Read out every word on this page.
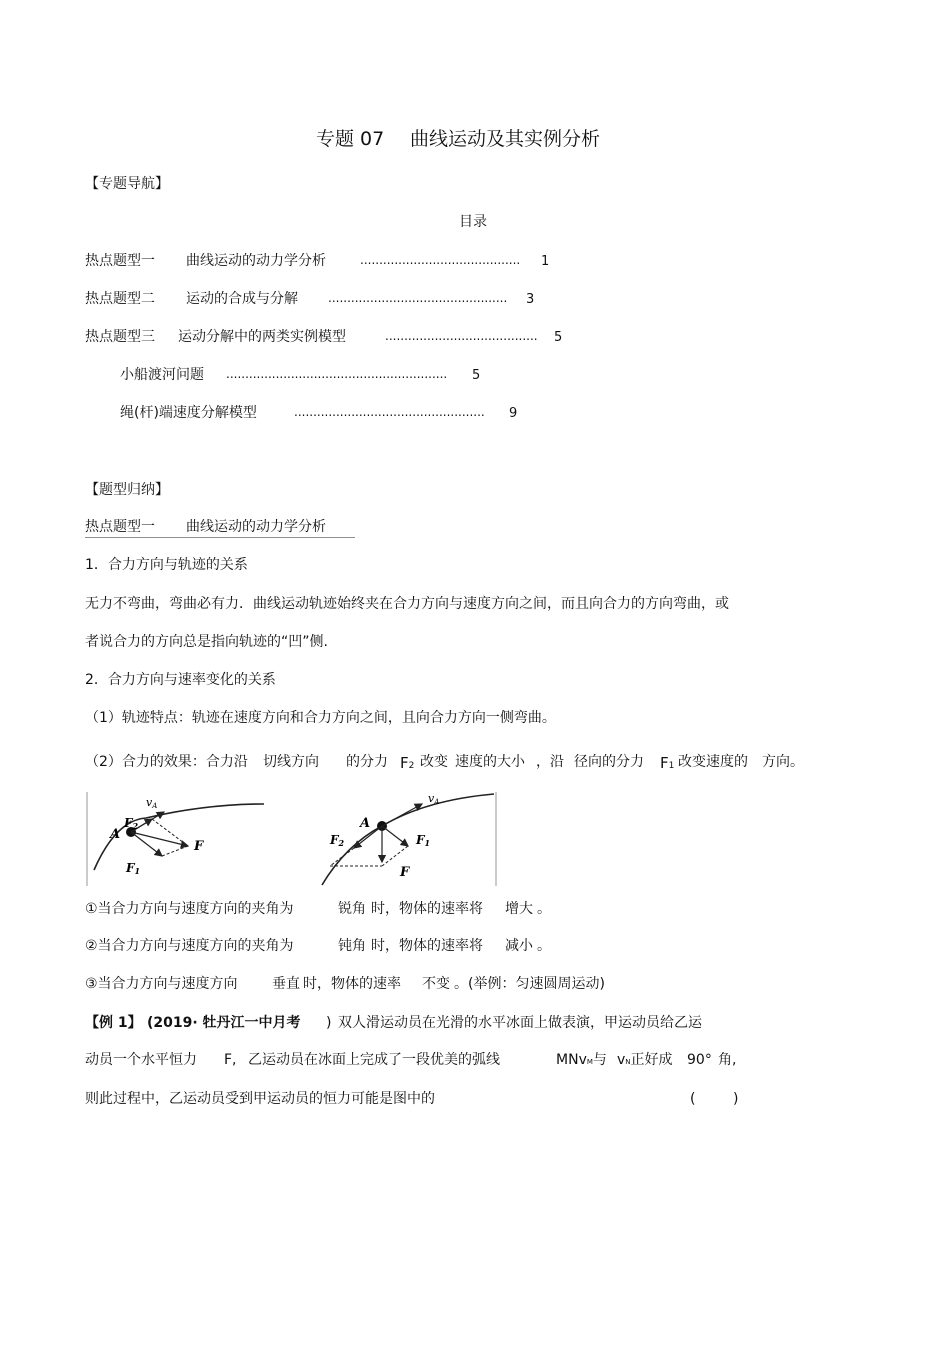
专题 07 曲线运动及其实例分析
【专题导航】
目录
热点题型一 曲线运动的动力学分析	.......................................... 1
热点题型二 运动的合成与分解	............................................... 3
热点题型三 运动分解中的两类实例模型	........................................ 5
小船渡河问题 .......................................................... 5
绳(杆)端速度分解模型	.................................................. 9
【题型归纳】
热点题型一 曲线运动的动力学分析
1．合力方向与轨迹的关系
无力不弯曲，弯曲必有力．曲线运动轨迹始终夹在合力方向与速度方向之间，而且向合力的方向弯曲，或
者说合力的方向总是指向轨迹的“凹”侧.
2．合力方向与速率变化的关系
（1）轨迹特点：轨迹在速度方向和合力方向之间，且向合力方向一侧弯曲。
（2）合力的效果：合力沿 切线方向 的分力 F2 改变 速度的大小 ，沿 径向的分力 F1 改变速度的 方向。
vA
F2
A
F
F1
vA
A
F2	F1
F
①当合力方向与速度方向的夹角为	锐角 时，物体的速率将 增大 。
②当合力方向与速度方向的夹角为	钝角 时，物体的速率将 减小 。
③当合力方向与速度方向 垂直 时，物体的速率 不变 。(举例：匀速圆周运动)
【例 1】 (2019· 牡丹江一中月考 ) 双人滑运动员在光滑的水平冰面上做表演，甲运动员给乙运
动员一个水平恒力 F, 乙运动员在冰面上完成了一段优美的弧线	MNvM与 vN正好成 90° 角,
则此过程中，乙运动员受到甲运动员的恒力可能是图中的	(	)
